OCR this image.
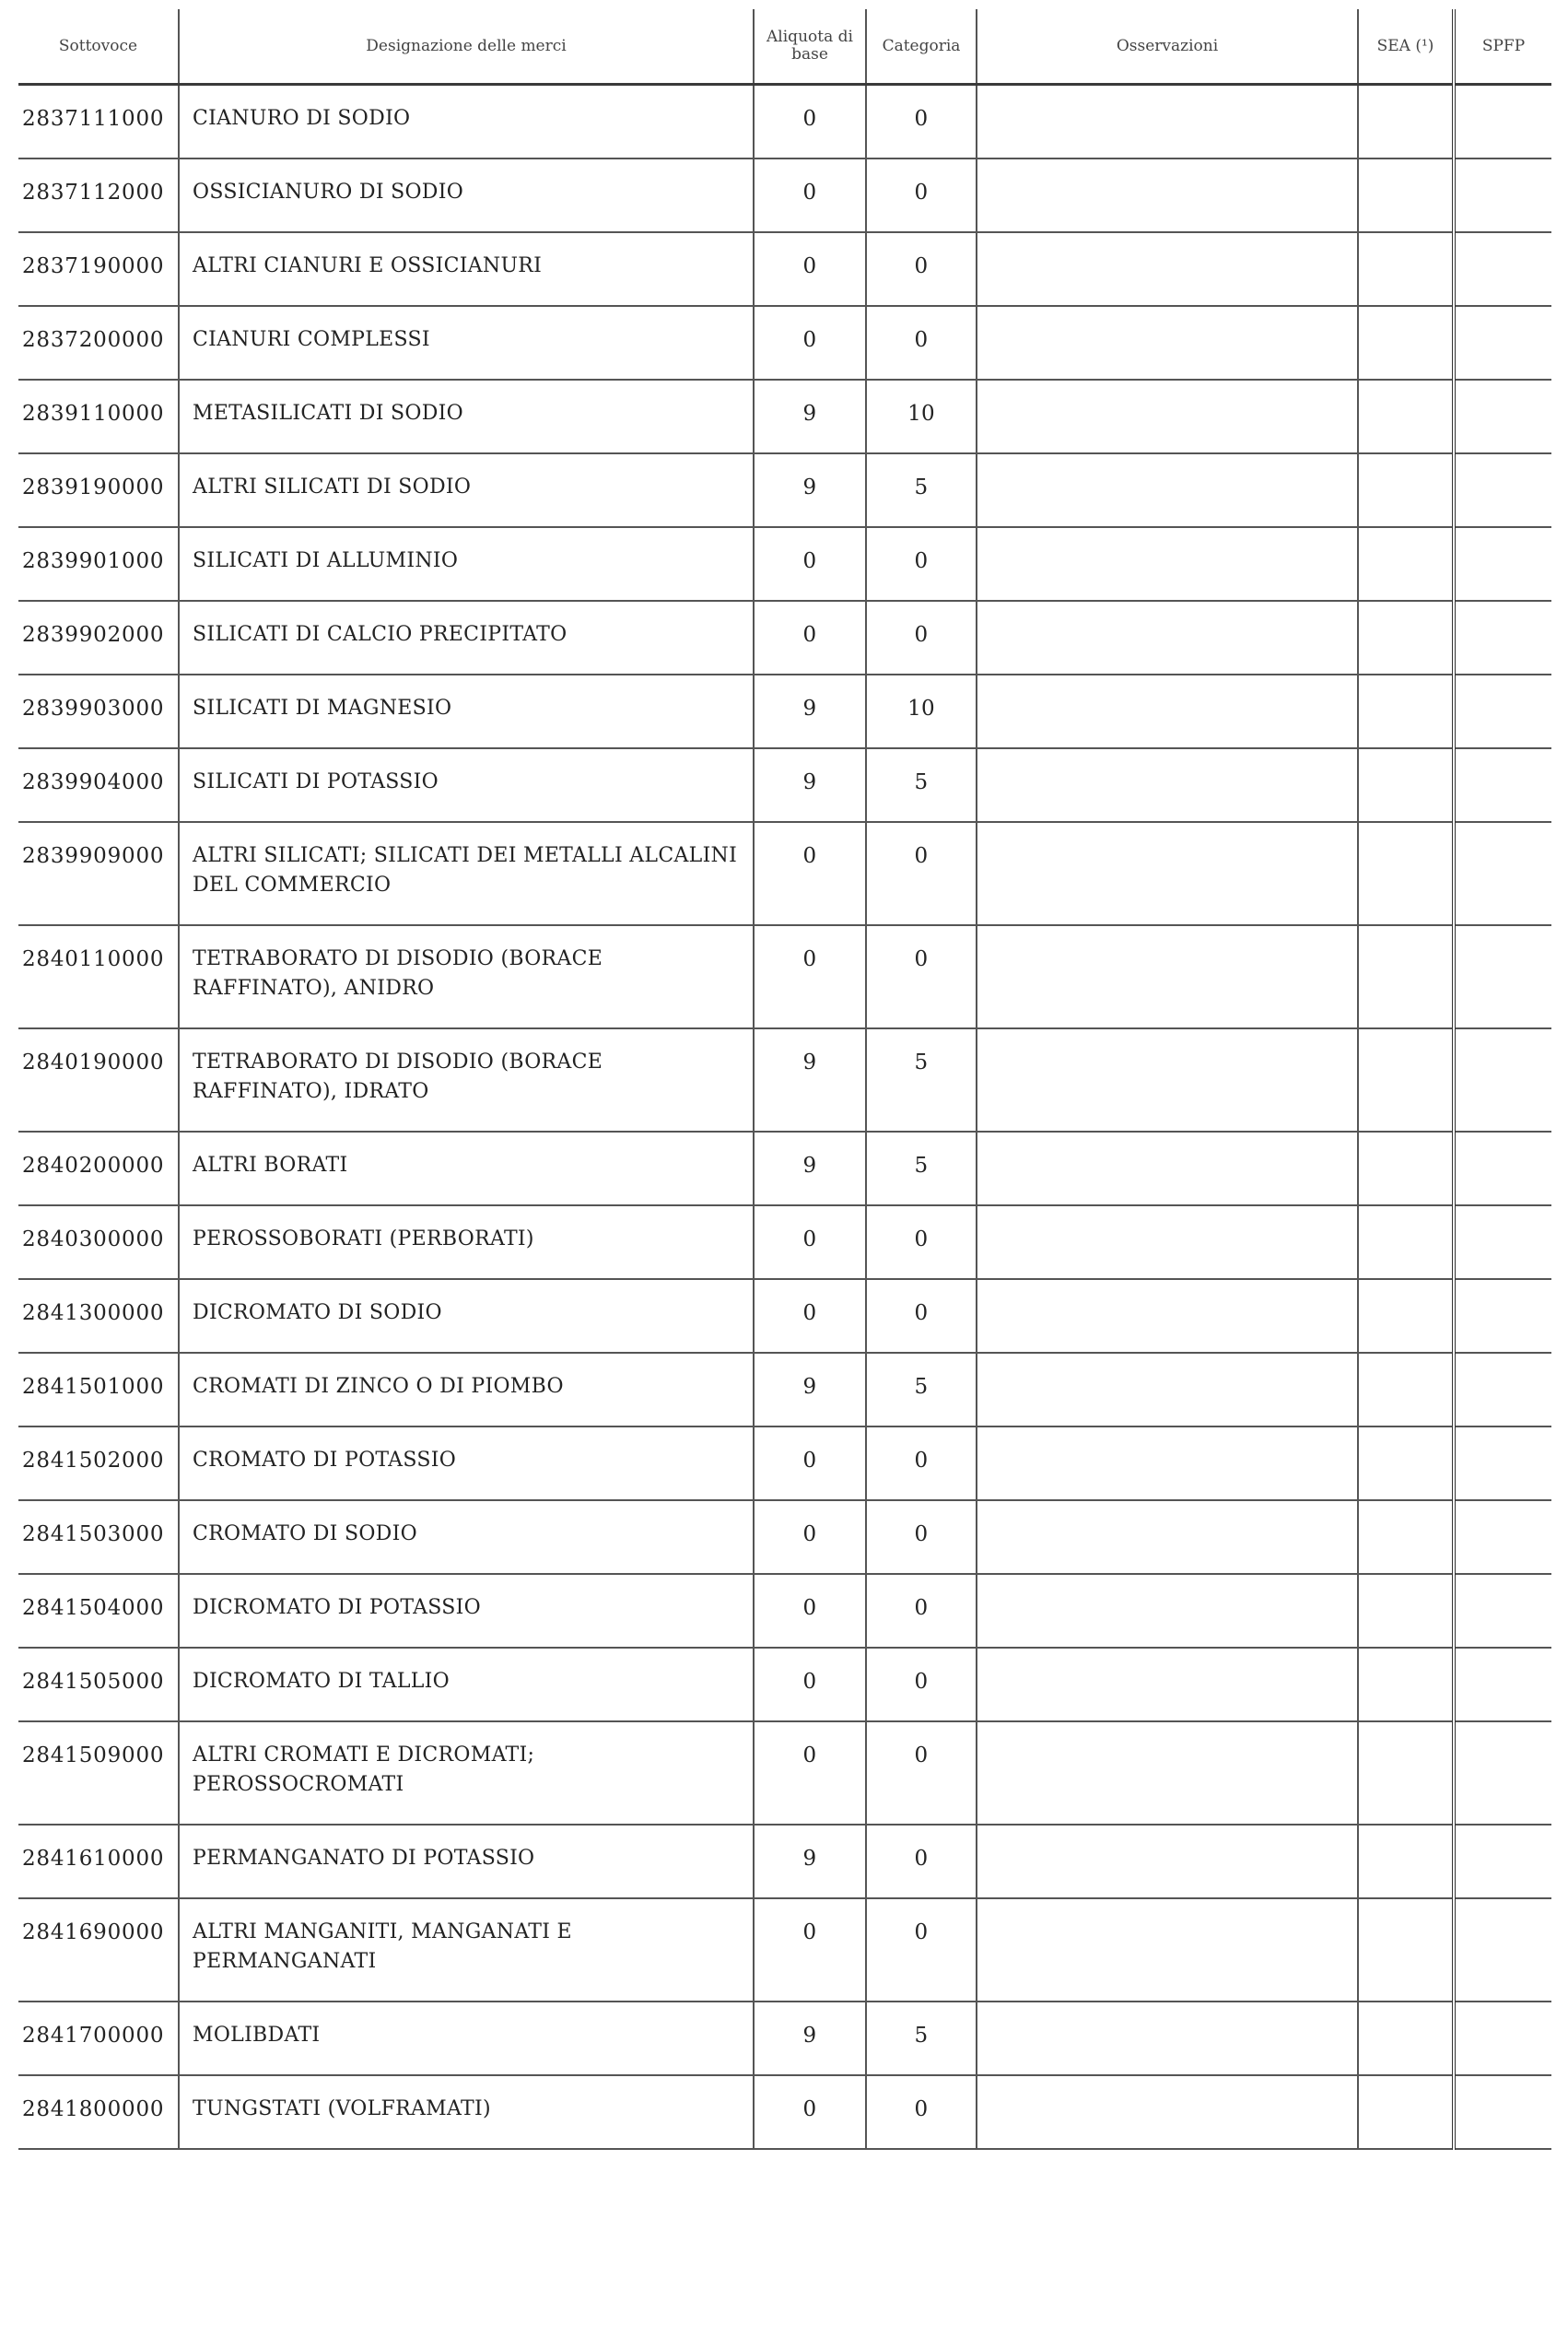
Sottovoce	Designazione delle merci	Aliquota di base	Categoria	Osservazioni	SEA (¹)	SPFP
2837111000	CIANURO DI SODIO	0	0			
2837112000	OSSICIANURO DI SODIO	0	0			
2837190000	ALTRI CIANURI E OSSICIANURI	0	0			
2837200000	CIANURI COMPLESSI	0	0			
2839110000	METASILICATI DI SODIO	9	10			
2839190000	ALTRI SILICATI DI SODIO	9	5			
2839901000	SILICATI DI ALLUMINIO	0	0			
2839902000	SILICATI DI CALCIO PRECIPITATO	0	0			
2839903000	SILICATI DI MAGNESIO	9	10			
2839904000	SILICATI DI POTASSIO	9	5			
2839909000	ALTRI SILICATI; SILICATI DEI METALLI ALCALINI DEL COMMERCIO	0	0			
2840110000	TETRABORATO DI DISODIO (BORACE RAFFINATO), ANIDRO	0	0			
2840190000	TETRABORATO DI DISODIO (BORACE RAFFINATO), IDRATO	9	5			
2840200000	ALTRI BORATI	9	5			
2840300000	PEROSSOBORATI (PERBORATI)	0	0			
2841300000	DICROMATO DI SODIO	0	0			
2841501000	CROMATI DI ZINCO O DI PIOMBO	9	5			
2841502000	CROMATO DI POTASSIO	0	0			
2841503000	CROMATO DI SODIO	0	0			
2841504000	DICROMATO DI POTASSIO	0	0			
2841505000	DICROMATO DI TALLIO	0	0			
2841509000	ALTRI CROMATI E DICROMATI; PEROSSOCROMATI	0	0			
2841610000	PERMANGANATO DI POTASSIO	9	0			
2841690000	ALTRI MANGANITI, MANGANATI E PERMANGANATI	0	0			
2841700000	MOLIBDATI	9	5			
2841800000	TUNGSTATI (VOLFRAMATI)	0	0			
